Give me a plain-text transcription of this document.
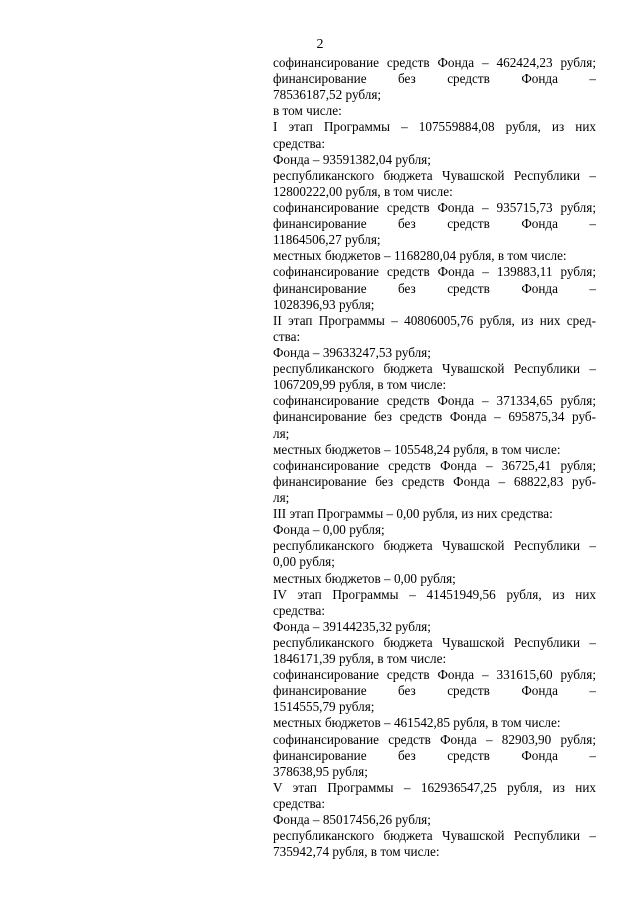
2
софинансирование средств Фонда – 462424,23 рубля;
финансирование без средств Фонда –
78536187,52 рубля;
в том числе:
I этап Программы – 107559884,08 рубля, из них
средства:
Фонда – 93591382,04 рубля;
республиканского бюджета Чувашской Республики –
12800222,00 рубля, в том числе:
софинансирование средств Фонда – 935715,73 рубля;
финансирование без средств Фонда –
11864506,27 рубля;
местных бюджетов – 1168280,04 рубля, в том числе:
софинансирование средств Фонда – 139883,11 рубля;
финансирование без средств Фонда –
1028396,93 рубля;
II этап Программы – 40806005,76 рубля, из них сред-
ства:
Фонда – 39633247,53 рубля;
республиканского бюджета Чувашской Республики –
1067209,99 рубля, в том числе:
софинансирование средств Фонда – 371334,65 рубля;
финансирование без средств Фонда – 695875,34 руб-
ля;
местных бюджетов – 105548,24 рубля, в том числе:
софинансирование средств Фонда – 36725,41 рубля;
финансирование без средств Фонда – 68822,83 руб-
ля;
III этап Программы – 0,00 рубля, из них средства:
Фонда – 0,00 рубля;
республиканского бюджета Чувашской Республики –
0,00 рубля;
местных бюджетов – 0,00 рубля;
IV этап Программы – 41451949,56 рубля, из них
средства:
Фонда – 39144235,32 рубля;
республиканского бюджета Чувашской Республики –
1846171,39 рубля, в том числе:
софинансирование средств Фонда – 331615,60 рубля;
финансирование без средств Фонда –
1514555,79 рубля;
местных бюджетов – 461542,85 рубля, в том числе:
софинансирование средств Фонда – 82903,90 рубля;
финансирование без средств Фонда –
378638,95 рубля;
V этап Программы – 162936547,25 рубля, из них
средства:
Фонда – 85017456,26 рубля;
республиканского бюджета Чувашской Республики –
735942,74 рубля, в том числе:
